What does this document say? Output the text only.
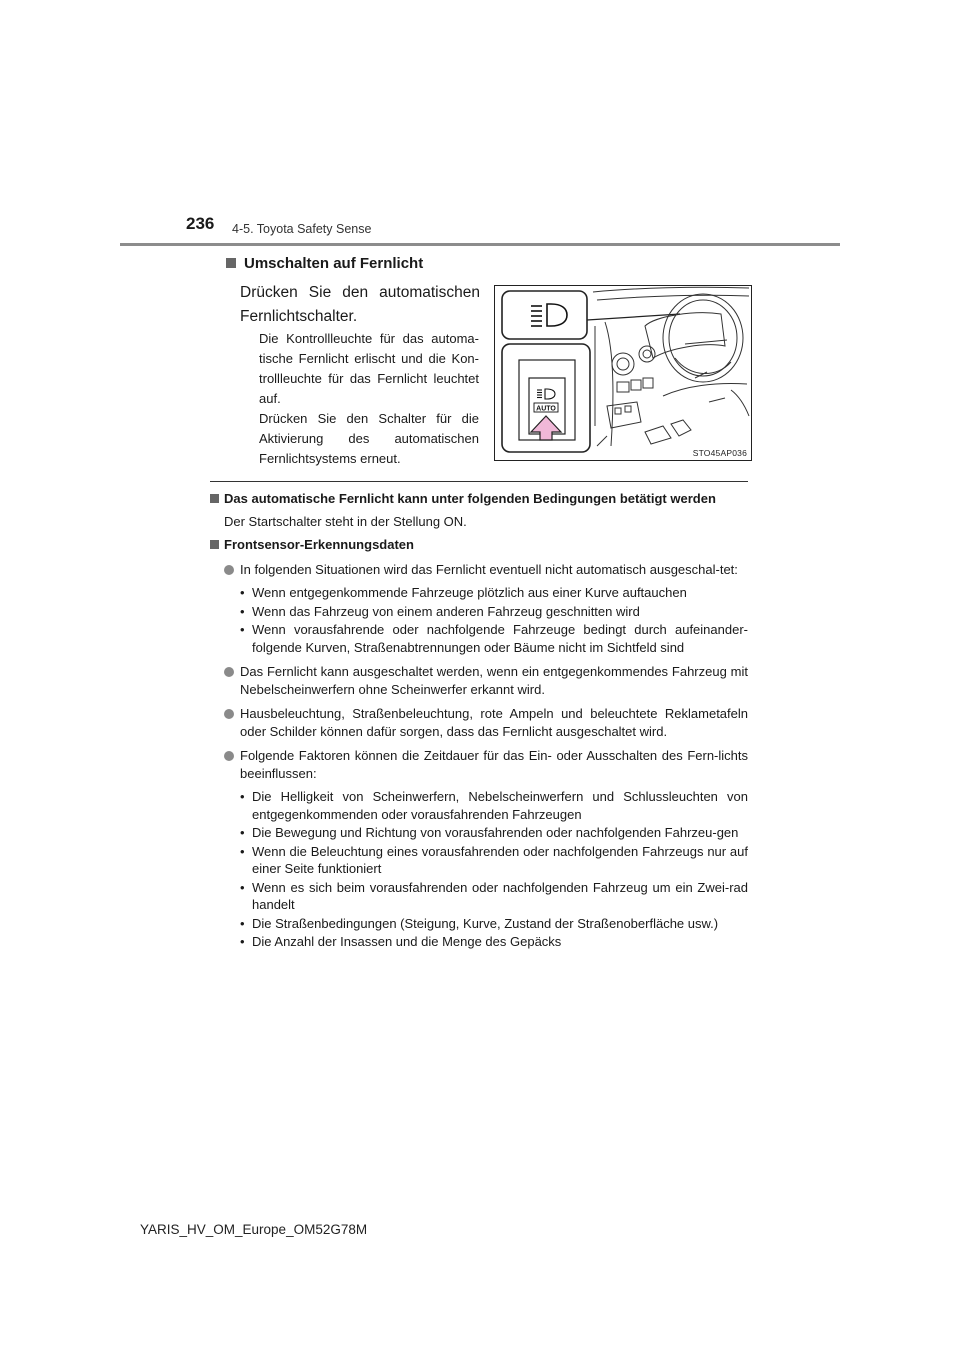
236 4-5. Toyota Safety Sense
Umschalten auf Fernlicht
Drücken Sie den automatischen Fernlichtschalter.
Die Kontrollleuchte für das automa-tische Fernlicht erlischt und die Kon-trollleuchte für das Fernlicht leuchtet auf.
Drücken Sie den Schalter für die Aktivierung des automatischen Fernlichtsystems erneut.
AUTO
STO45AP036
Das automatische Fernlicht kann unter folgenden Bedingungen betätigt werden
Der Startschalter steht in der Stellung ON.
Frontsensor-Erkennungsdaten
In folgenden Situationen wird das Fernlicht eventuell nicht automatisch ausgeschal-tet:
• Wenn entgegenkommende Fahrzeuge plötzlich aus einer Kurve auftauchen
• Wenn das Fahrzeug von einem anderen Fahrzeug geschnitten wird
• Wenn vorausfahrende oder nachfolgende Fahrzeuge bedingt durch aufeinander-folgende Kurven, Straßenabtrennungen oder Bäume nicht im Sichtfeld sind
Das Fernlicht kann ausgeschaltet werden, wenn ein entgegenkommendes Fahrzeug mit Nebelscheinwerfern ohne Scheinwerfer erkannt wird.
Hausbeleuchtung, Straßenbeleuchtung, rote Ampeln und beleuchtete Reklametafeln oder Schilder können dafür sorgen, dass das Fernlicht ausgeschaltet wird.
Folgende Faktoren können die Zeitdauer für das Ein- oder Ausschalten des Fern-lichts beeinflussen:
• Die Helligkeit von Scheinwerfern, Nebelscheinwerfern und Schlussleuchten von entgegenkommenden oder vorausfahrenden Fahrzeugen
• Die Bewegung und Richtung von vorausfahrenden oder nachfolgenden Fahrzeu-gen
• Wenn die Beleuchtung eines vorausfahrenden oder nachfolgenden Fahrzeugs nur auf einer Seite funktioniert
• Wenn es sich beim vorausfahrenden oder nachfolgenden Fahrzeug um ein Zwei-rad handelt
• Die Straßenbedingungen (Steigung, Kurve, Zustand der Straßenoberfläche usw.)
• Die Anzahl der Insassen und die Menge des Gepäcks
YARIS_HV_OM_Europe_OM52G78M
